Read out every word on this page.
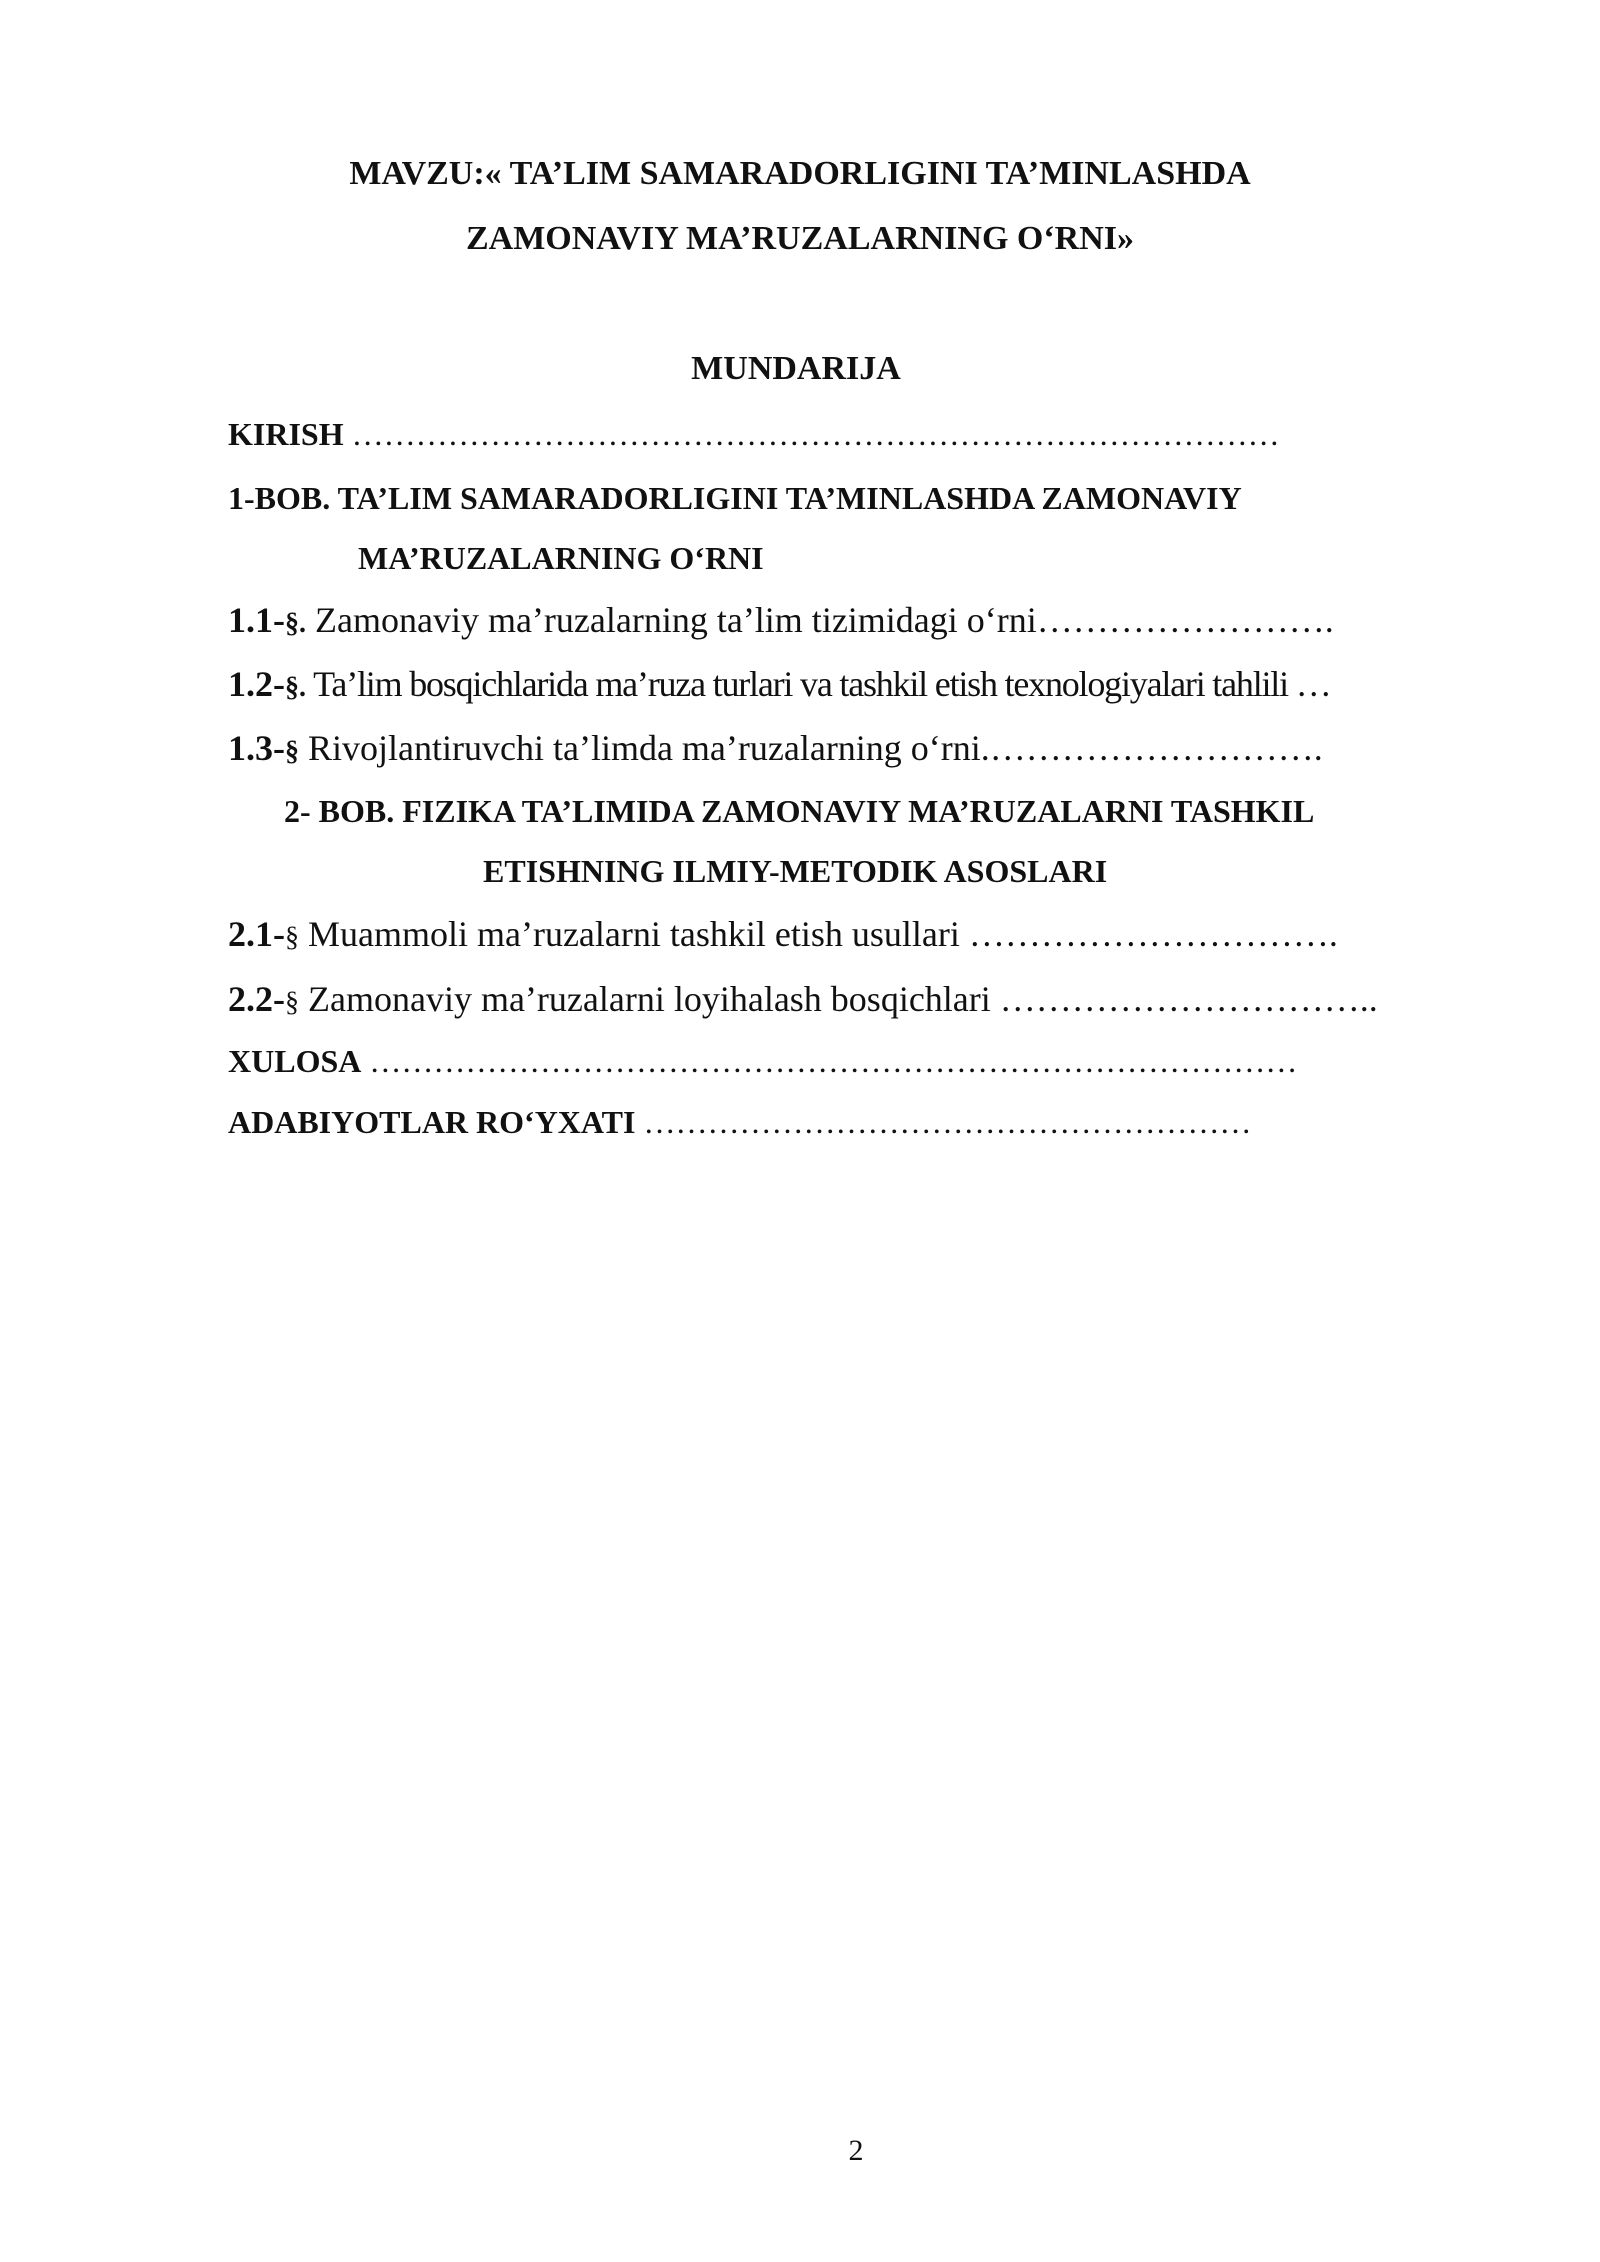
MAVZU:« TA’LIM SAMARADORLIGINI TA’MINLASHDA
ZAMONAVIY MA’RUZALARNING O‘RNI»
MUNDARIJA
KIRISH ……………………………………………………………………………
1-BOB. TA’LIM SAMARADORLIGINI TA’MINLASHDA ZAMONAVIY
MA’RUZALARNING O‘RNI
1.1-§. Zamonaviy ma’ruzalarning ta’lim tizimidagi o‘rni…………………….
1.2-§. Ta’lim bosqichlarida ma’ruza turlari va tashkil etish texnologiyalari tahlili …
1.3-§ Rivojlantiruvchi ta’limda ma’ruzalarning o‘rni.……………………….
2- BOB. FIZIKA TA’LIMIDA ZAMONAVIY MA’RUZALARNI TASHKIL
ETISHNING ILMIY-METODIK ASOSLARI
2.1-§ Muammoli ma’ruzalarni tashkil etish usullari ………………………….
2.2-§ Zamonaviy ma’ruzalarni loyihalash bosqichlari …………………………..
XULOSA ……………………………………………………………………………
ADABIYOTLAR RO‘YXATI …………………………………………………
2
